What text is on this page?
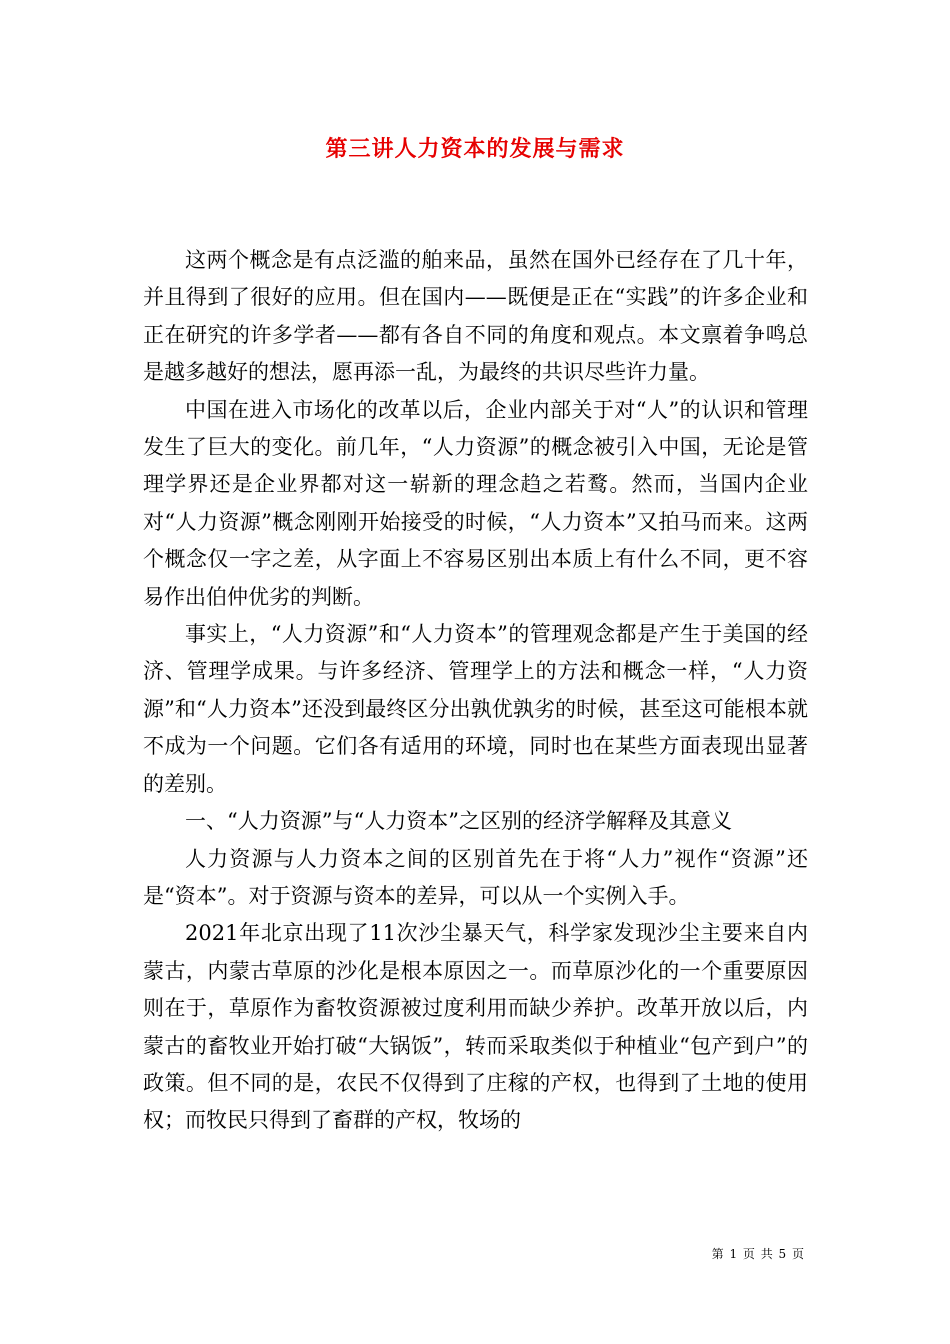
第三讲人力资本的发展与需求

这两个概念是有点泛滥的舶来品，虽然在国外已经存在了几十年，并且得到了很好的应用。但在国内——既便是正在“实践”的许多企业和正在研究的许多学者——都有各自不同的角度和观点。本文禀着争鸣总是越多越好的想法，愿再添一乱，为最终的共识尽些许力量。

中国在进入市场化的改革以后，企业内部关于对“人”的认识和管理发生了巨大的变化。前几年，“人力资源”的概念被引入中国，无论是管理学界还是企业界都对这一崭新的理念趋之若鹜。然而，当国内企业对“人力资源”概念刚刚开始接受的时候，“人力资本”又拍马而来。这两个概念仅一字之差，从字面上不容易区别出本质上有什么不同，更不容易作出伯仲优劣的判断。

事实上，“人力资源”和“人力资本”的管理观念都是产生于美国的经济、管理学成果。与许多经济、管理学上的方法和概念一样，“人力资源”和“人力资本”还没到最终区分出孰优孰劣的时候，甚至这可能根本就不成为一个问题。它们各有适用的环境，同时也在某些方面表现出显著的差别。

一、“人力资源”与“人力资本”之区别的经济学解释及其意义

人力资源与人力资本之间的区别首先在于将“人力”视作“资源”还是“资本”。对于资源与资本的差异，可以从一个实例入手。

2021年北京出现了11次沙尘暴天气，科学家发现沙尘主要来自内蒙古，内蒙古草原的沙化是根本原因之一。而草原沙化的一个重要原因则在于，草原作为畜牧资源被过度利用而缺少养护。改革开放以后，内蒙古的畜牧业开始打破“大锅饭”，转而采取类似于种植业“包产到户”的政策。但不同的是，农民不仅得到了庄稼的产权，也得到了土地的使用权；而牧民只得到了畜群的产权，牧场的

第 1 页 共 5 页
